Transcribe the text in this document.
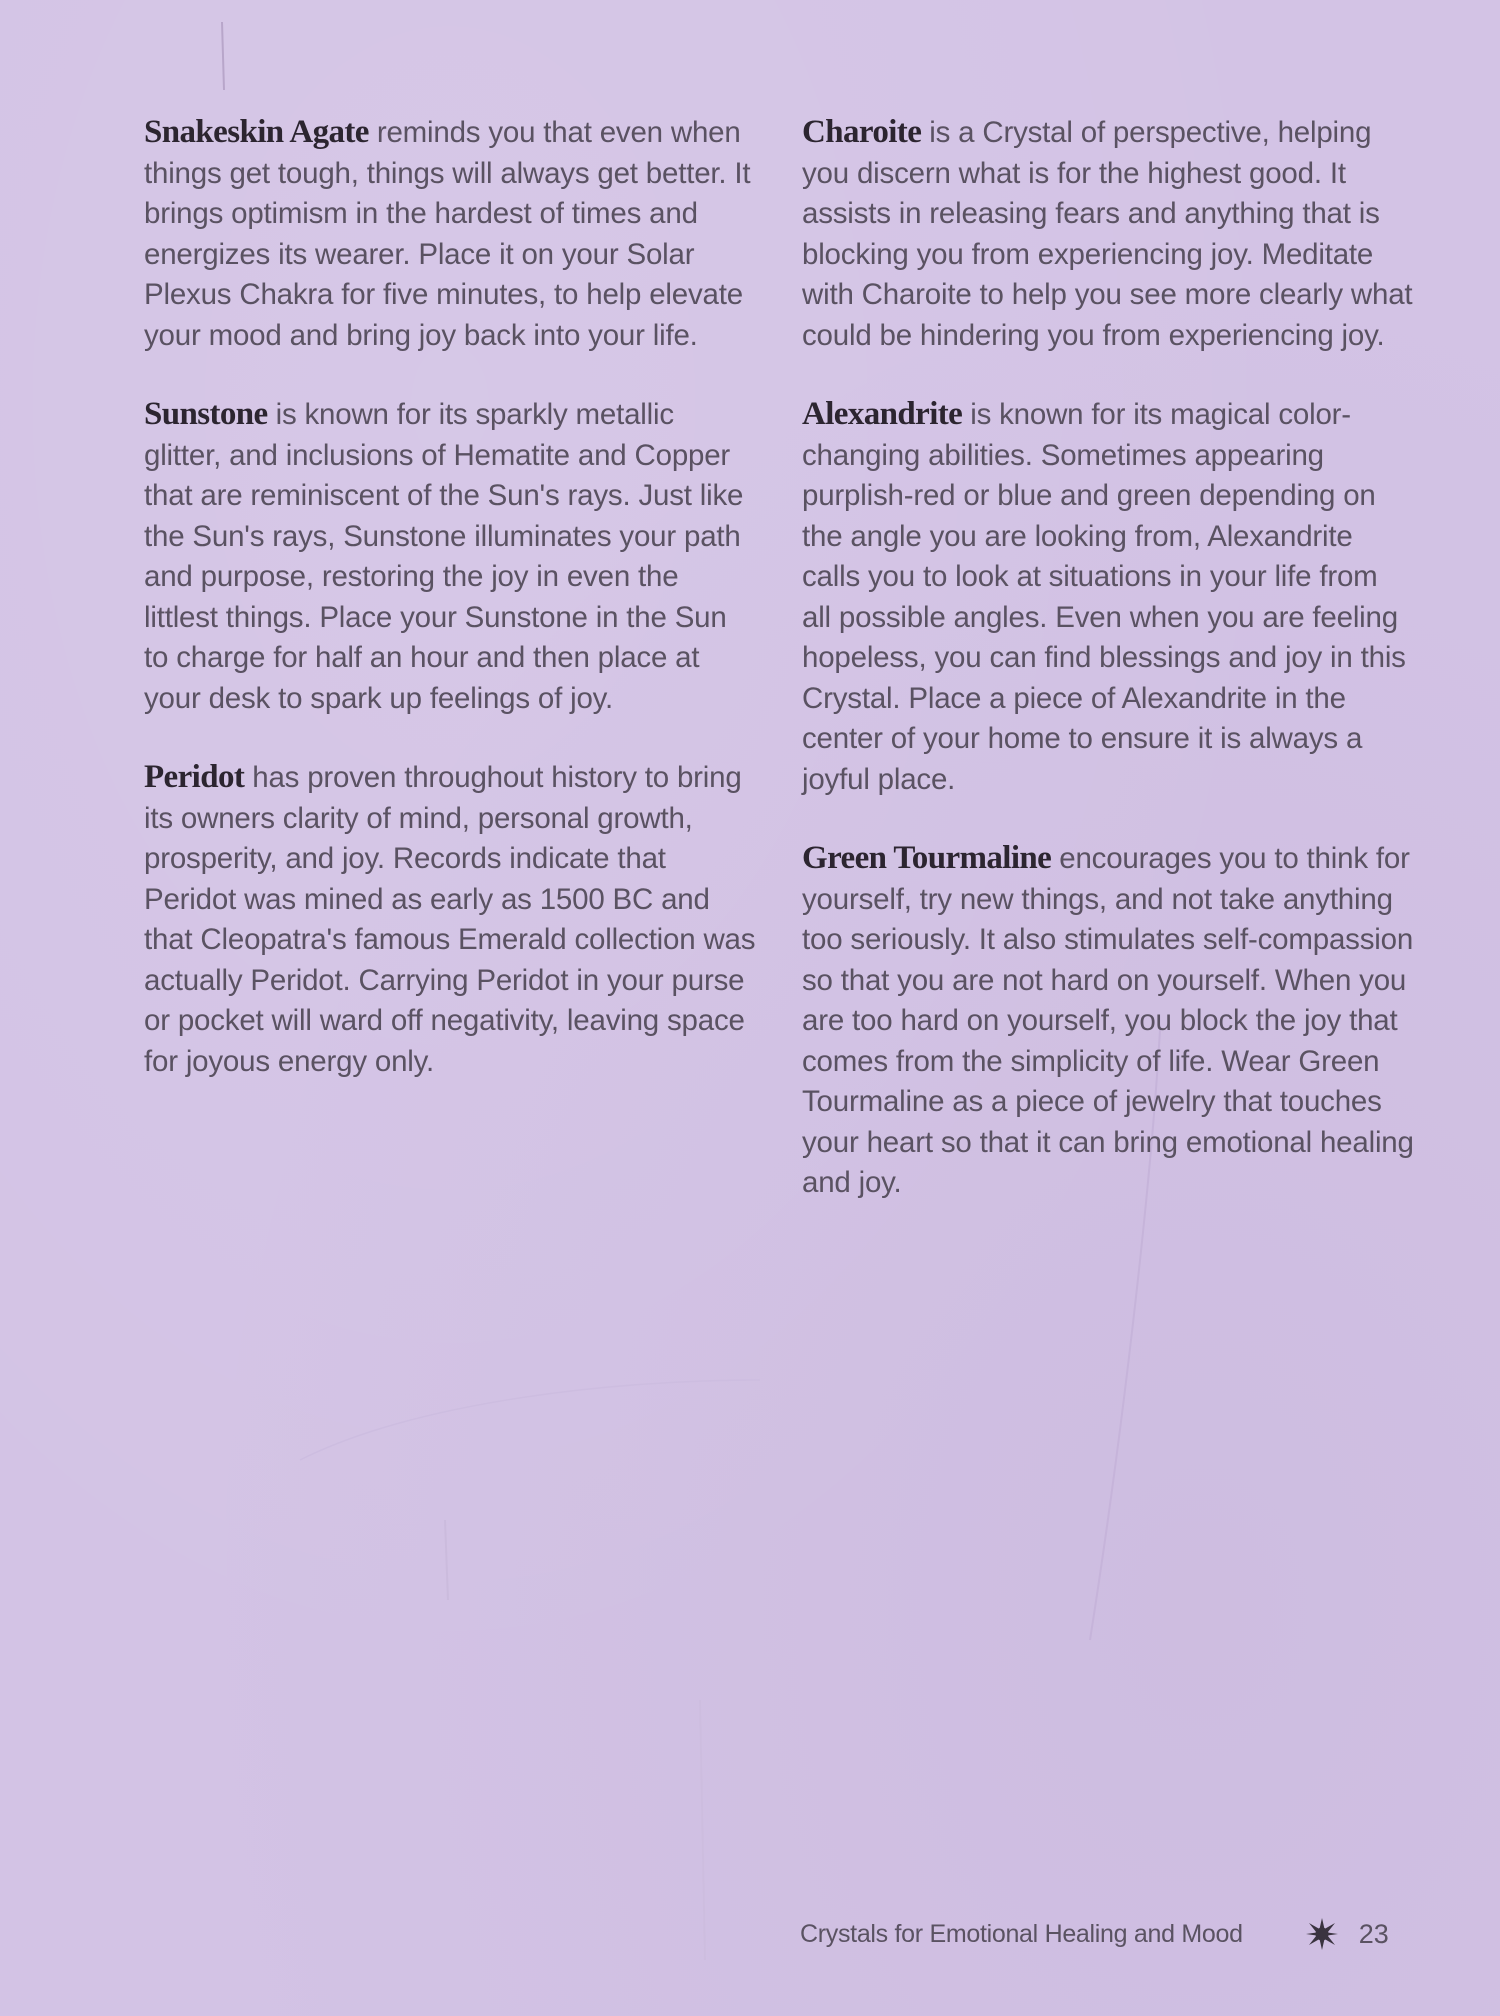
Snakeskin Agate reminds you that even when things get tough, things will always get better. It brings optimism in the hardest of times and energizes its wearer. Place it on your Solar Plexus Chakra for five minutes, to help elevate your mood and bring joy back into your life.

Sunstone is known for its sparkly metallic glitter, and inclusions of Hematite and Copper that are reminiscent of the Sun's rays. Just like the Sun's rays, Sunstone illuminates your path and purpose, restoring the joy in even the littlest things. Place your Sunstone in the Sun to charge for half an hour and then place at your desk to spark up feelings of joy.

Peridot has proven throughout history to bring its owners clarity of mind, personal growth, prosperity, and joy. Records indicate that Peridot was mined as early as 1500 BC and that Cleopatra's famous Emerald collection was actually Peridot. Carrying Peridot in your purse or pocket will ward off negativity, leaving space for joyous energy only.

Charoite is a Crystal of perspective, helping you discern what is for the highest good. It assists in releasing fears and anything that is blocking you from experiencing joy. Meditate with Charoite to help you see more clearly what could be hindering you from experiencing joy.

Alexandrite is known for its magical color-changing abilities. Sometimes appearing purplish-red or blue and green depending on the angle you are looking from, Alexandrite calls you to look at situations in your life from all possible angles. Even when you are feeling hopeless, you can find blessings and joy in this Crystal. Place a piece of Alexandrite in the center of your home to ensure it is always a joyful place.

Green Tourmaline encourages you to think for yourself, try new things, and not take anything too seriously. It also stimulates self-compassion so that you are not hard on yourself. When you are too hard on yourself, you block the joy that comes from the simplicity of life. Wear Green Tourmaline as a piece of jewelry that touches your heart so that it can bring emotional healing and joy.

Crystals for Emotional Healing and Mood	23
